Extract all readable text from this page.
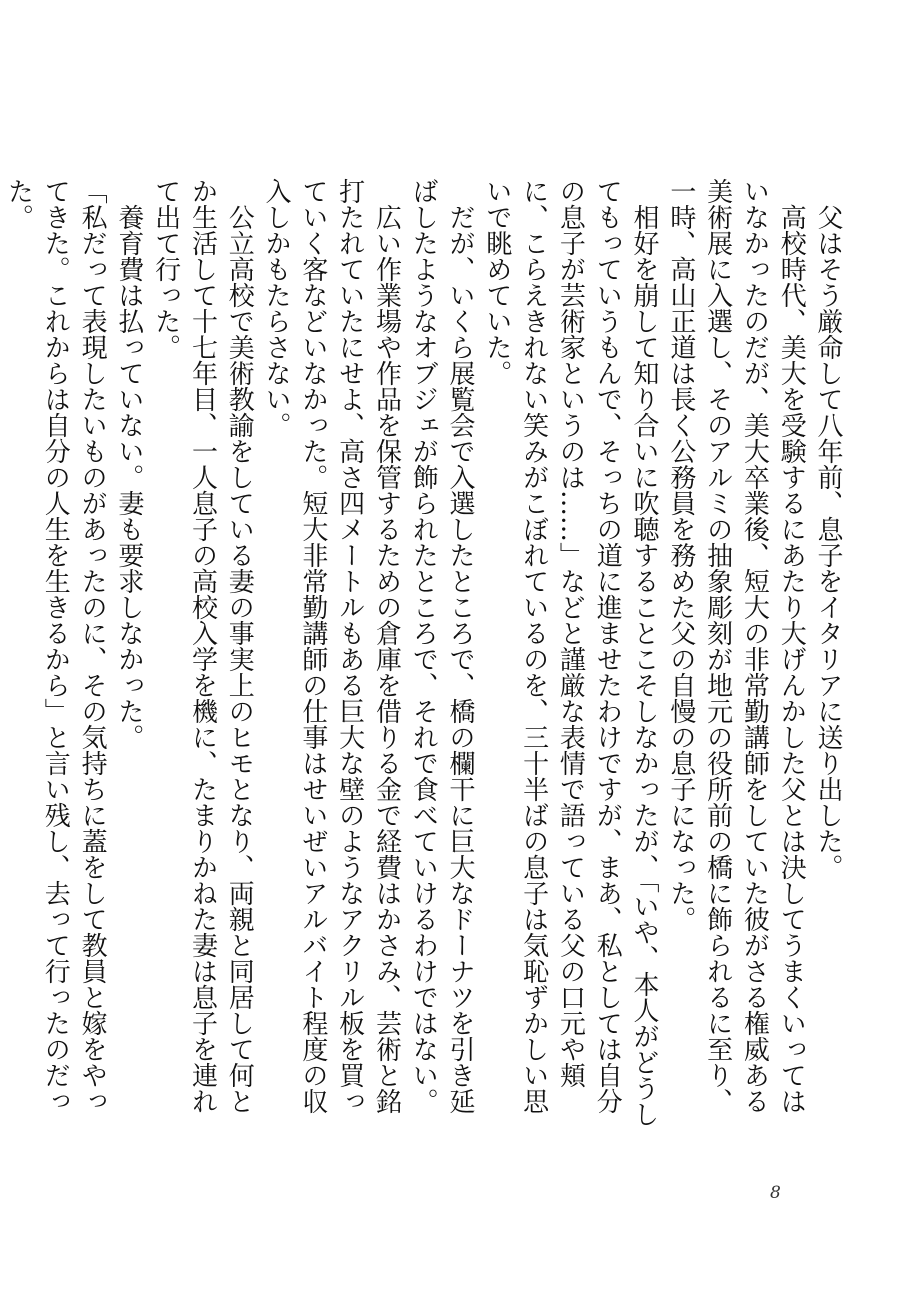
　父はそう厳命して八年前、息子をイタリアに送り出した。

　高校時代、美大を受験するにあたり大げんかした父とは決してうまくいってはいなかったのだが、美大卒業後、短大の非常勤講師をしていた彼がさる権威ある美術展に入選し、そのアルミの抽象彫刻が地元の役所前の橋に飾られるに至り、一時、高山正道は長く公務員を務めた父の自慢の息子になった。

　相好を崩して知り合いに吹聴することこそしなかったが、「いや、本人がどうしてもっていうもんで、そっちの道に進ませたわけですが、まあ、私としては自分の息子が芸術家というのは……」などと謹厳な表情で語っている父の口元や頬に、こらえきれない笑みがこぼれているのを、三十半ばの息子は気恥ずかしい思いで眺めていた。

　だが、いくら展覧会で入選したところで、橋の欄干に巨大なドーナツを引き延ばしたようなオブジェが飾られたところで、それで食べていけるわけではない。

　広い作業場や作品を保管するための倉庫を借りる金で経費はかさみ、芸術と銘打たれていたにせよ、高さ四メートルもある巨大な壁のようなアクリル板を買っていく客などいなかった。短大非常勤講師の仕事はせいぜいアルバイト程度の収入しかもたらさない。

　公立高校で美術教諭をしている妻の事実上のヒモとなり、両親と同居して何とか生活して十七年目、一人息子の高校入学を機に、たまりかねた妻は息子を連れて出て行った。

　養育費は払っていない。妻も要求しなかった。

「私だって表現したいものがあったのに、その気持ちに蓋をして教員と嫁をやってきた。これからは自分の人生を生きるから」と言い残し、去って行ったのだった。

8
